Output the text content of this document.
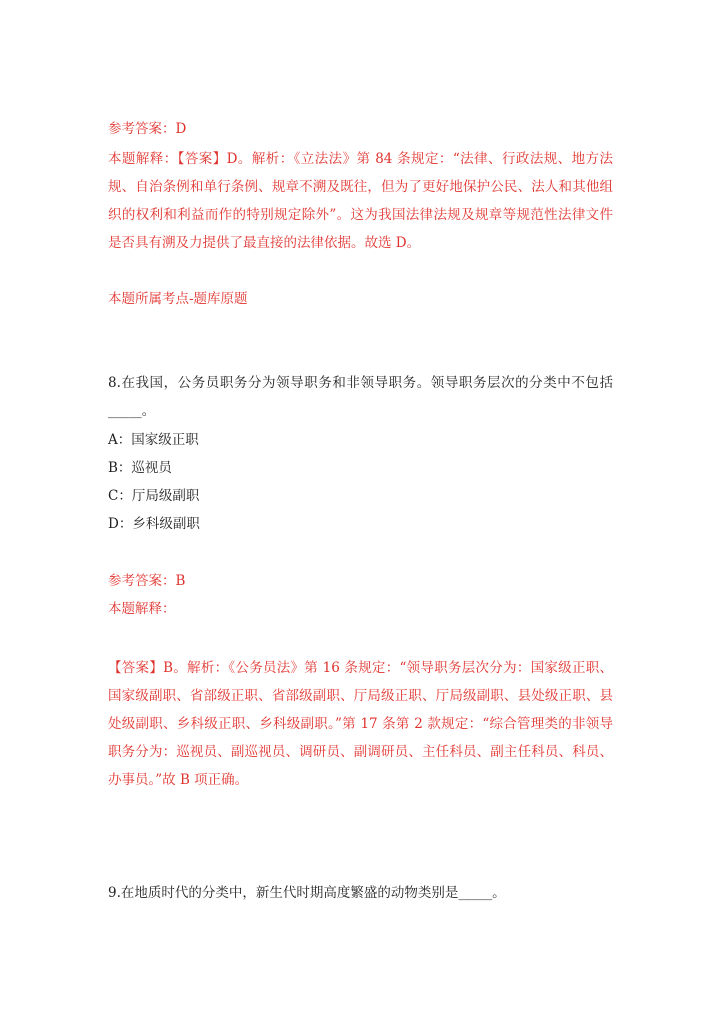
参考答案：D
本题解释：【答案】D。解析：《立法法》第 84 条规定：“法律、行政法规、地方法规、自治条例和单行条例、规章不溯及既往，但为了更好地保护公民、法人和其他组织的权利和利益而作的特别规定除外”。这为我国法律法规及规章等规范性法律文件是否具有溯及力提供了最直接的法律依据。故选 D。
本题所属考点-题库原题
8.在我国，公务员职务分为领导职务和非领导职务。领导职务层次的分类中不包括_____。
A：国家级正职
B：巡视员
C：厅局级副职
D：乡科级副职
参考答案：B
本题解释：
【答案】B。解析：《公务员法》第 16 条规定：“领导职务层次分为：国家级正职、国家级副职、省部级正职、省部级副职、厅局级正职、厅局级副职、县处级正职、县处级副职、乡科级正职、乡科级副职。”第 17 条第 2 款规定：“综合管理类的非领导职务分为：巡视员、副巡视员、调研员、副调研员、主任科员、副主任科员、科员、办事员。”故 B 项正确。
9.在地质时代的分类中，新生代时期高度繁盛的动物类别是_____。
